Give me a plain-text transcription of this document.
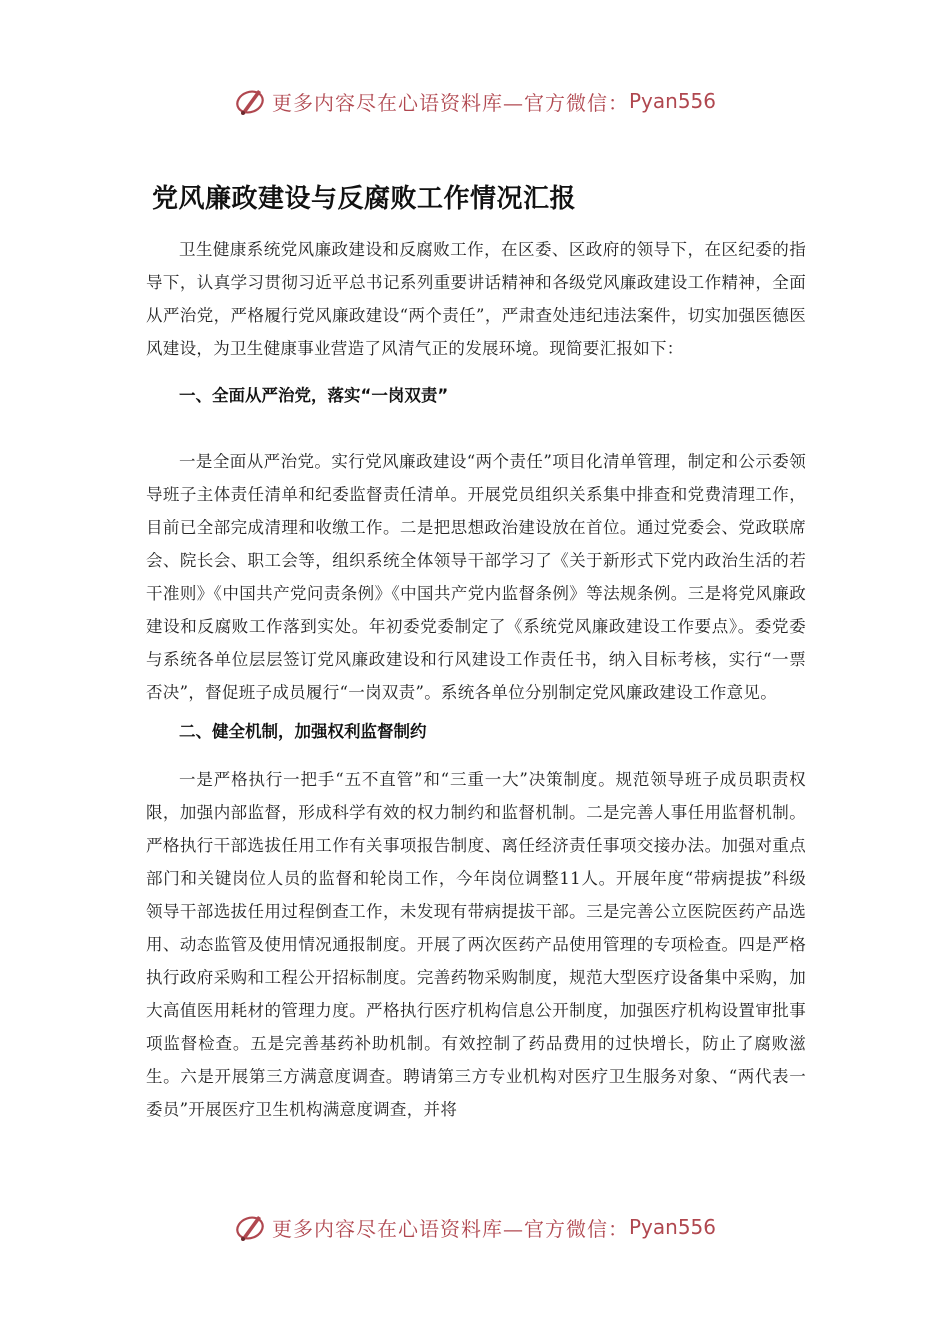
更多内容尽在心语资料库—官方微信： Pyan556
党风廉政建设与反腐败工作情况汇报

卫生健康系统党风廉政建设和反腐败工作，在区委、区政府的领导下，在区纪委的指导下，认真学习贯彻习近平总书记系列重要讲话精神和各级党风廉政建设工作精神，全面从严治党，严格履行党风廉政建设“两个责任”，严肃查处违纪违法案件，切实加强医德医风建设，为卫生健康事业营造了风清气正的发展环境。现简要汇报如下：

一、全面从严治党，落实“一岗双责”

一是全面从严治党。实行党风廉政建设“两个责任”项目化清单管理，制定和公示委领导班子主体责任清单和纪委监督责任清单。开展党员组织关系集中排查和党费清理工作，目前已全部完成清理和收缴工作。二是把思想政治建设放在首位。通过党委会、党政联席会、院长会、职工会等，组织系统全体领导干部学习了《关于新形式下党内政治生活的若干准则》《中国共产党问责条例》《中国共产党内监督条例》等法规条例。三是将党风廉政建设和反腐败工作落到实处。年初委党委制定了《系统党风廉政建设工作要点》。委党委与系统各单位层层签订党风廉政建设和行风建设工作责任书，纳入目标考核，实行“一票否决”，督促班子成员履行“一岗双责”。系统各单位分别制定党风廉政建设工作意见。

二、健全机制，加强权利监督制约

一是严格执行一把手“五不直管”和“三重一大”决策制度。规范领导班子成员职责权限，加强内部监督，形成科学有效的权力制约和监督机制。二是完善人事任用监督机制。严格执行干部选拔任用工作有关事项报告制度、离任经济责任事项交接办法。加强对重点部门和关键岗位人员的监督和轮岗工作，今年岗位调整11人。开展年度“带病提拔”科级领导干部选拔任用过程倒查工作，未发现有带病提拔干部。三是完善公立医院医药产品选用、动态监管及使用情况通报制度。开展了两次医药产品使用管理的专项检查。四是严格执行政府采购和工程公开招标制度。完善药物采购制度，规范大型医疗设备集中采购，加大高值医用耗材的管理力度。严格执行医疗机构信息公开制度，加强医疗机构设置审批事项监督检查。五是完善基药补助机制。有效控制了药品费用的过快增长，防止了腐败滋生。六是开展第三方满意度调查。聘请第三方专业机构对医疗卫生服务对象、“两代表一委员”开展医疗卫生机构满意度调查，并将

更多内容尽在心语资料库—官方微信： Pyan556
